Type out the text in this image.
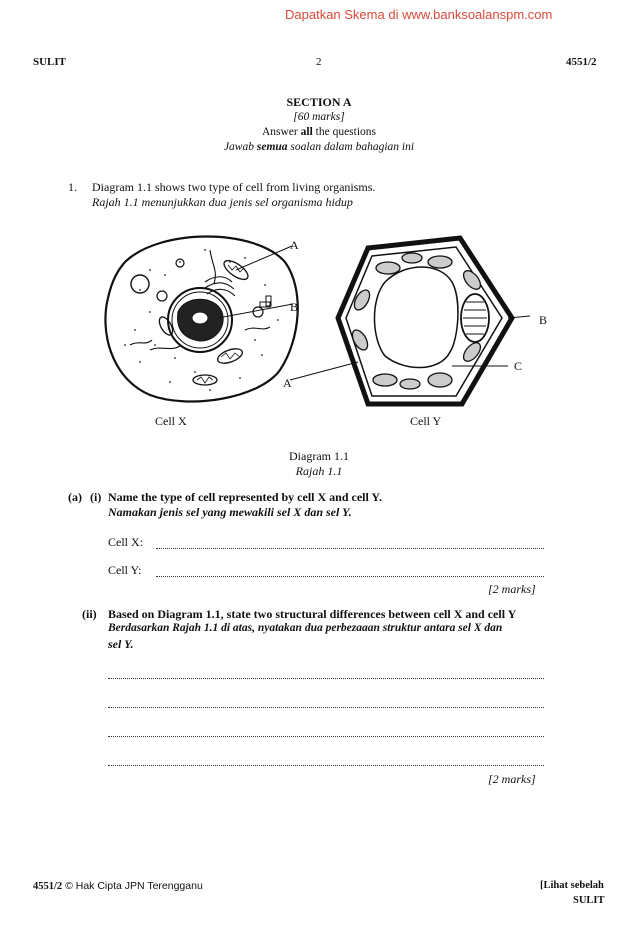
Dapatkan Skema di www.banksoalanspm.com
SULIT	2	4551/2
SECTION A
[60 marks]
Answer all the questions
Jawab semua soalan dalam bahagian ini
1. Diagram 1.1 shows two type of cell from living organisms.
Rajah 1.1 menunjukkan dua jenis sel organisma hidup
A
B
A
B
C
Cell X	Cell Y
Diagram 1.1
Rajah 1.1
(a) (i) Name the type of cell represented by cell X and cell Y.
Namakan jenis sel yang mewakili sel X dan sel Y.
Cell X:
Cell Y:
[2 marks]
(ii) Based on Diagram 1.1, state two structural differences between cell X and cell Y
Berdasarkan Rajah 1.1 di atas, nyatakan dua perbezaaan struktur antara sel X dan
sel Y.
[2 marks]
4551/2 © Hak Cipta JPN Terengganu	[Lihat sebelah
SULIT
